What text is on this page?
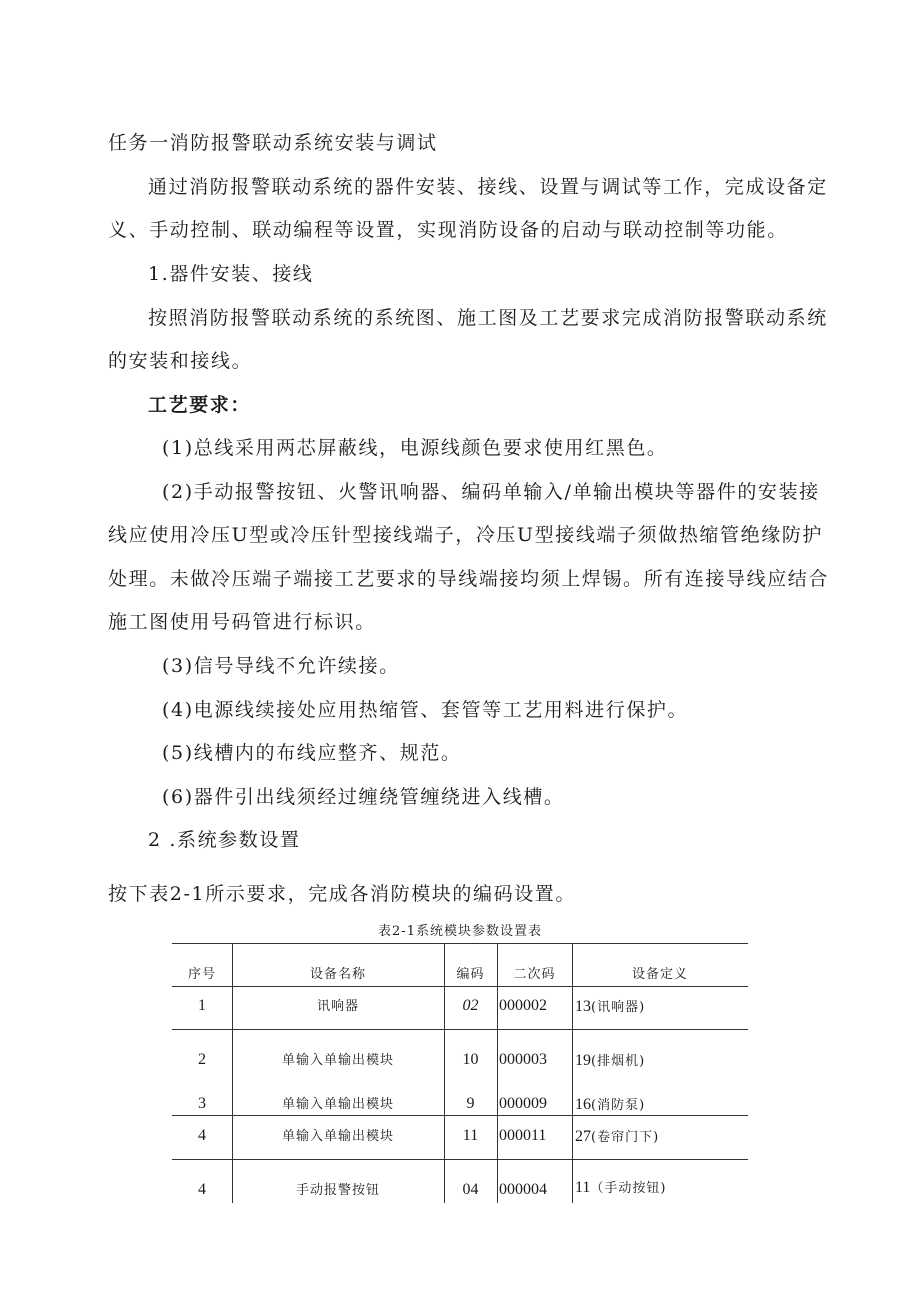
任务一消防报警联动系统安装与调试
通过消防报警联动系统的器件安装、接线、设置与调试等工作，完成设备定
义、手动控制、联动编程等设置，实现消防设备的启动与联动控制等功能。
1.器件安装、接线
按照消防报警联动系统的系统图、施工图及工艺要求完成消防报警联动系统
的安装和接线。
工艺要求：
(1)总线采用两芯屏蔽线，电源线颜色要求使用红黑色。
(2)手动报警按钮、火警讯响器、编码单输入/单输出模块等器件的安装接
线应使用冷压U型或冷压针型接线端子，冷压U型接线端子须做热缩管绝缘防护
处理。未做冷压端子端接工艺要求的导线端接均须上焊锡。所有连接导线应结合
施工图使用号码管进行标识。
(3)信号导线不允许续接。
(4)电源线续接处应用热缩管、套管等工艺用料进行保护。
(5)线槽内的布线应整齐、规范。
(6)器件引出线须经过缠绕管缠绕进入线槽。
2 .系统参数设置
按下表2-1所示要求，完成各消防模块的编码设置。
表2-1系统模块参数设置表
序号	设备名称	编码	二次码	设备定义
1	讯响器	02	000002 13(讯响器)
2	单输入单输出模块	10	000003 19(排烟机)
3	单输入单输出模块	9	000009 16(消防泵)
4	单输入单输出模块	11	000011 27(卷帘门下)
4	手动报警按钮	04	000004 11（手动按钮)
